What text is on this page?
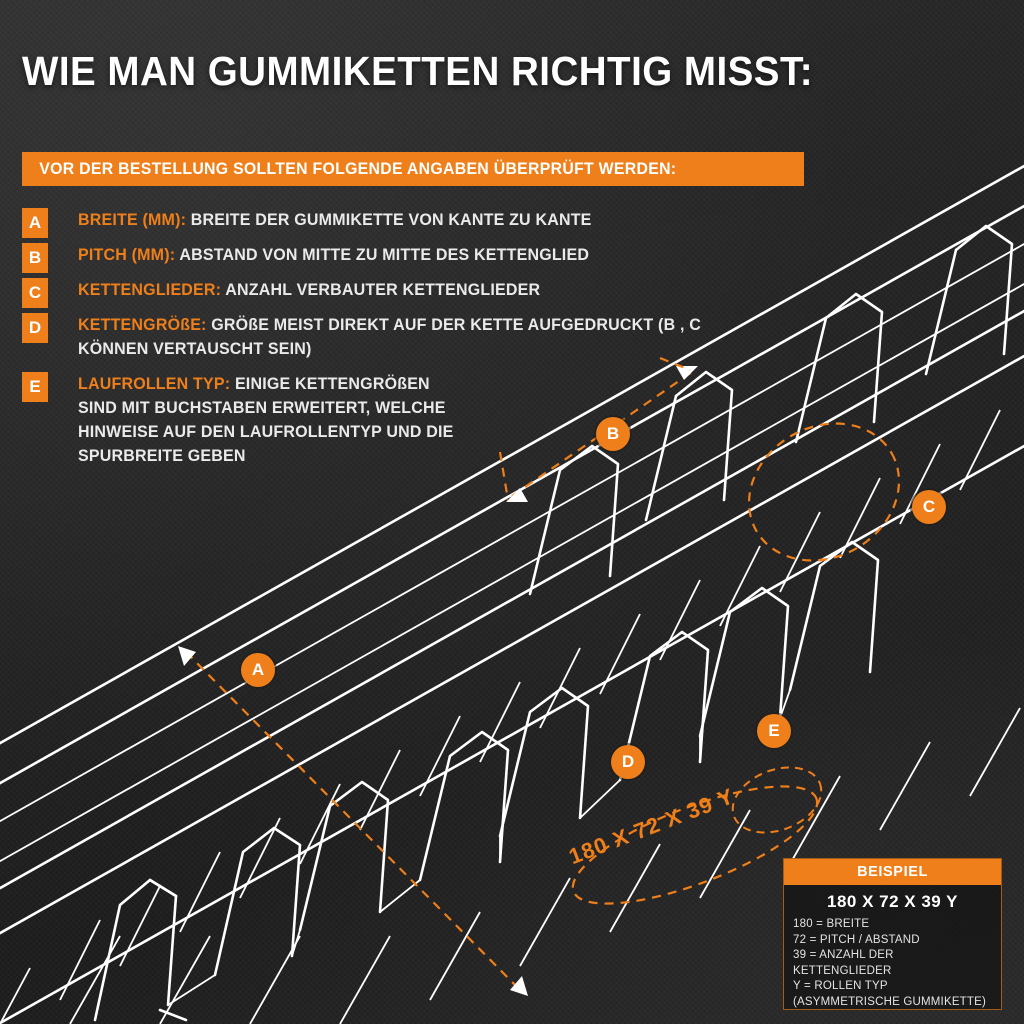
WIE MAN GUMMIKETTEN RICHTIG MISST:
VOR DER BESTELLUNG SOLLTEN FOLGENDE ANGABEN ÜBERPRÜFT WERDEN:
A	BREITE (MM): BREITE DER GUMMIKETTE VON KANTE ZU KANTE
B	PITCH (MM): ABSTAND VON MITTE ZU MITTE DES KETTENGLIED
C	KETTENGLIEDER: ANZAHL VERBAUTER KETTENGLIEDER
D	KETTENGRÖßE: GRÖßE MEIST DIREKT AUF DER KETTE AUFGEDRUCKT (B , C KÖNNEN VERTAUSCHT SEIN)
E	LAUFROLLEN TYP: EINIGE KETTENGRÖßEN SIND MIT BUCHSTABEN ERWEITERT, WELCHE HINWEISE AUF DEN LAUFROLLENTYP UND DIE SPURBREITE GEBEN
A
B
C
D
E
180 X 72 X 39 Y
BEISPIEL
180 X 72 X 39 Y
180 = BREITE
72 = PITCH / ABSTAND
39 = ANZAHL DER KETTENGLIEDER
Y = ROLLEN TYP (ASYMMETRISCHE GUMMIKETTE)
